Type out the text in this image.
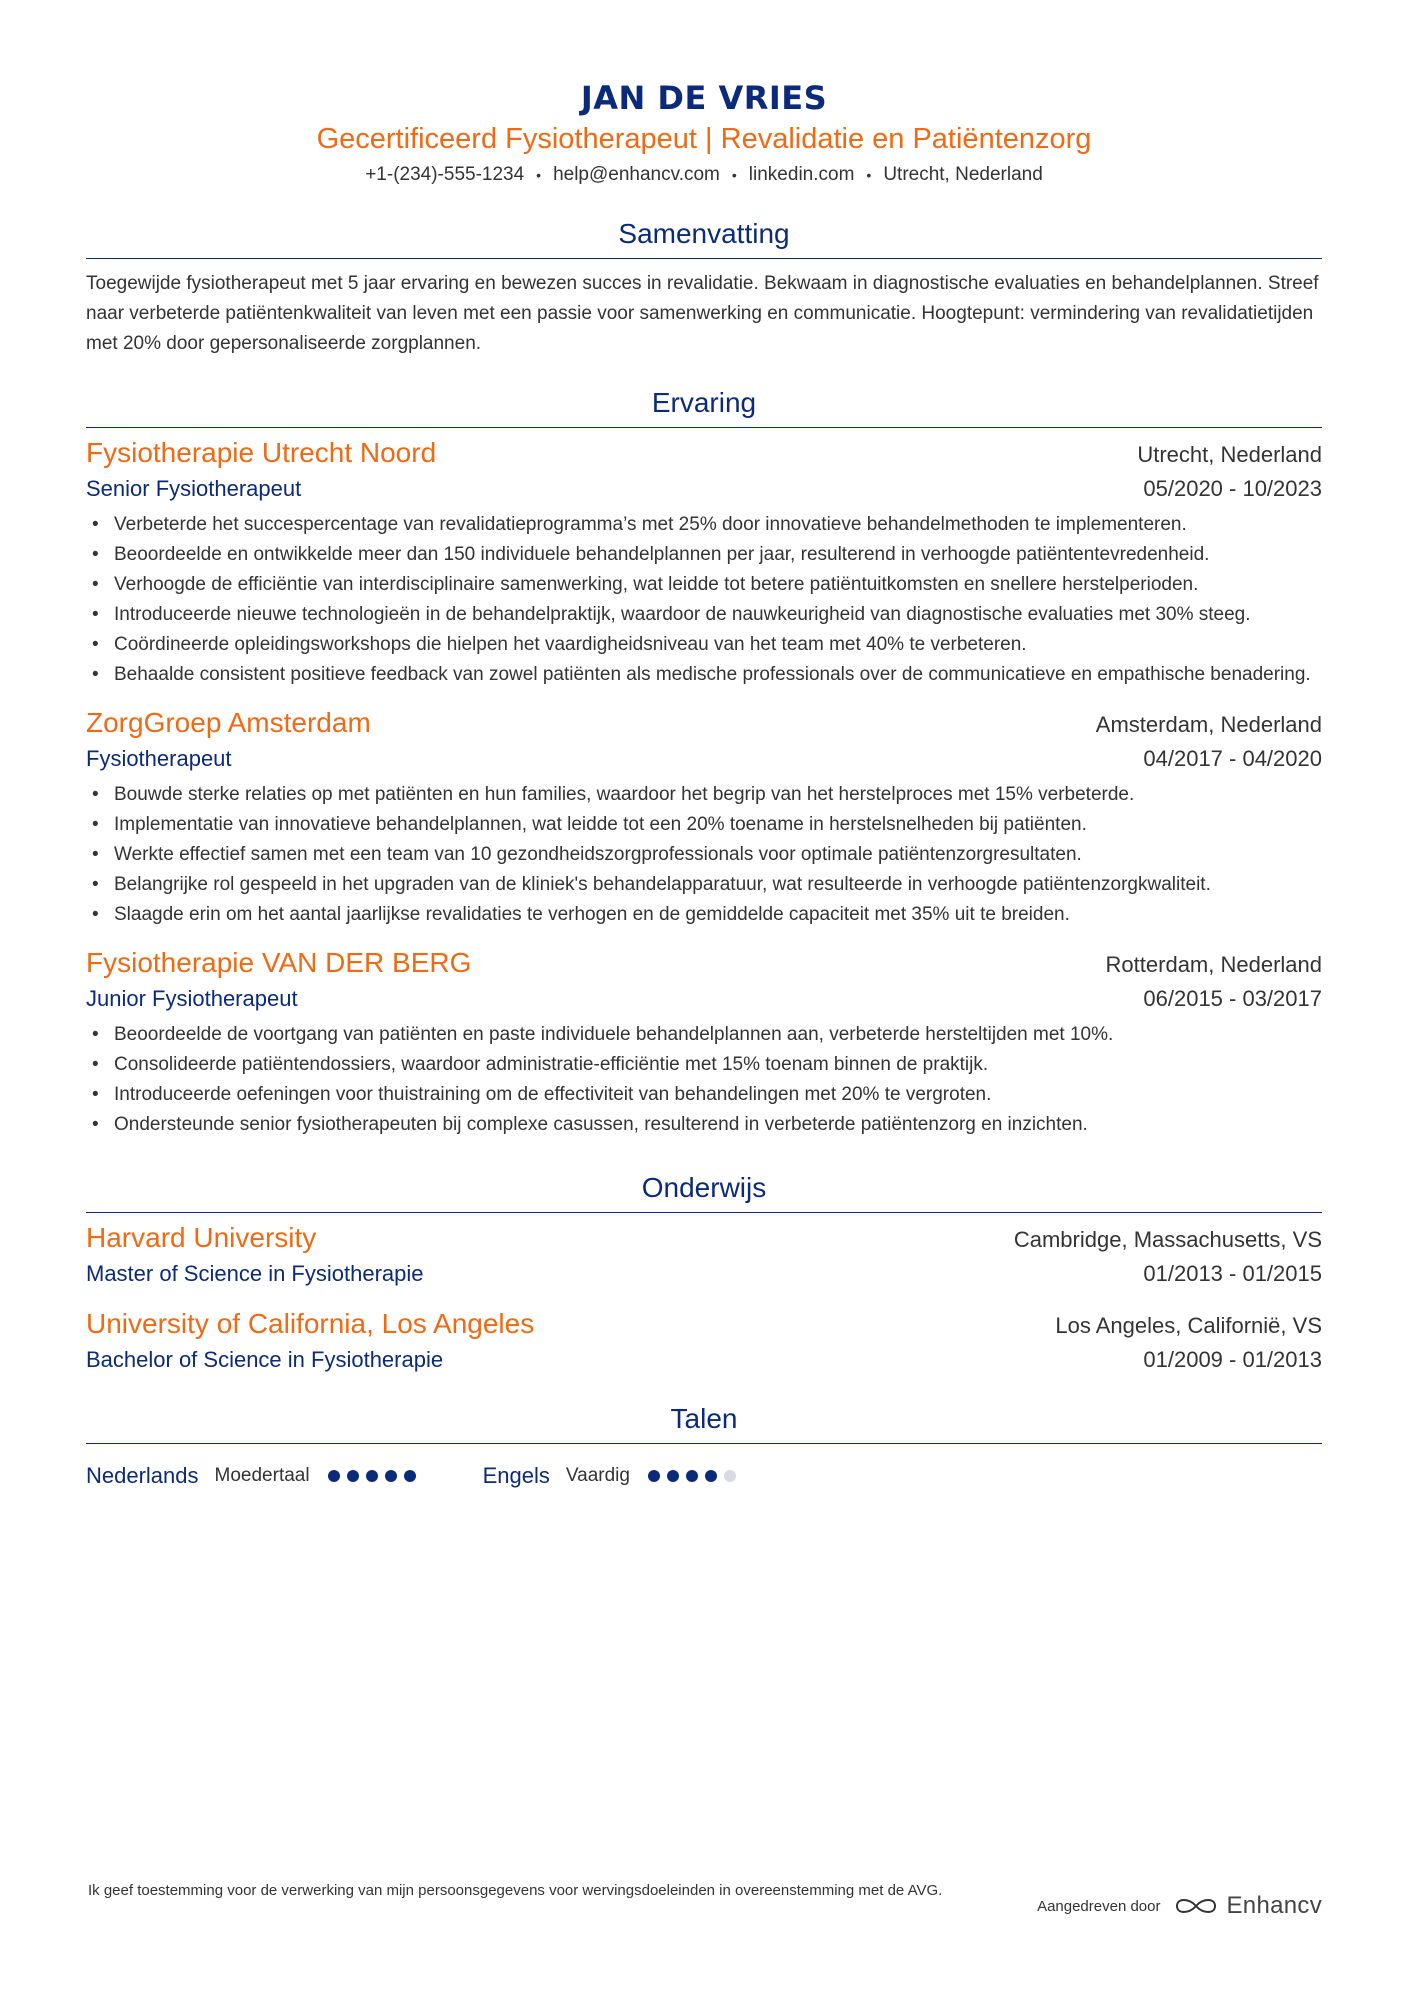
JAN DE VRIES
Gecertificeerd Fysiotherapeut | Revalidatie en Patiëntenzorg
+1-(234)-555-1234 • help@enhancv.com • linkedin.com • Utrecht, Nederland
Samenvatting
Toegewijde fysiotherapeut met 5 jaar ervaring en bewezen succes in revalidatie. Bekwaam in diagnostische evaluaties en behandelplannen. Streef naar verbeterde patiëntenkwaliteit van leven met een passie voor samenwerking en communicatie. Hoogtepunt: vermindering van revalidatietijden met 20% door gepersonaliseerde zorgplannen.
Ervaring
Fysiotherapie Utrecht Noord	Utrecht, Nederland
Senior Fysiotherapeut	05/2020 - 10/2023
• Verbeterde het succespercentage van revalidatieprogramma’s met 25% door innovatieve behandelmethoden te implementeren.
• Beoordeelde en ontwikkelde meer dan 150 individuele behandelplannen per jaar, resulterend in verhoogde patiëntentevredenheid.
• Verhoogde de efficiëntie van interdisciplinaire samenwerking, wat leidde tot betere patiëntuitkomsten en snellere herstelperioden.
• Introduceerde nieuwe technologieën in de behandelpraktijk, waardoor de nauwkeurigheid van diagnostische evaluaties met 30% steeg.
• Coördineerde opleidingsworkshops die hielpen het vaardigheidsniveau van het team met 40% te verbeteren.
• Behaalde consistent positieve feedback van zowel patiënten als medische professionals over de communicatieve en empathische benadering.
ZorgGroep Amsterdam	Amsterdam, Nederland
Fysiotherapeut	04/2017 - 04/2020
• Bouwde sterke relaties op met patiënten en hun families, waardoor het begrip van het herstelproces met 15% verbeterde.
• Implementatie van innovatieve behandelplannen, wat leidde tot een 20% toename in herstelsnelheden bij patiënten.
• Werkte effectief samen met een team van 10 gezondheidszorgprofessionals voor optimale patiëntenzorgresultaten.
• Belangrijke rol gespeeld in het upgraden van de kliniek's behandelapparatuur, wat resulteerde in verhoogde patiëntenzorgkwaliteit.
• Slaagde erin om het aantal jaarlijkse revalidaties te verhogen en de gemiddelde capaciteit met 35% uit te breiden.
Fysiotherapie VAN DER BERG	Rotterdam, Nederland
Junior Fysiotherapeut	06/2015 - 03/2017
• Beoordeelde de voortgang van patiënten en paste individuele behandelplannen aan, verbeterde hersteltijden met 10%.
• Consolideerde patiëntendossiers, waardoor administratie-efficiëntie met 15% toenam binnen de praktijk.
• Introduceerde oefeningen voor thuistraining om de effectiviteit van behandelingen met 20% te vergroten.
• Ondersteunde senior fysiotherapeuten bij complexe casussen, resulterend in verbeterde patiëntenzorg en inzichten.
Onderwijs
Harvard University	Cambridge, Massachusetts, VS
Master of Science in Fysiotherapie	01/2013 - 01/2015
University of California, Los Angeles	Los Angeles, Californië, VS
Bachelor of Science in Fysiotherapie	01/2009 - 01/2013
Talen
Nederlands Moedertaal	Engels Vaardig
Ik geef toestemming voor de verwerking van mijn persoonsgegevens voor wervingsdoeleinden in overeenstemming met de AVG.
Aangedreven door	Enhancv
